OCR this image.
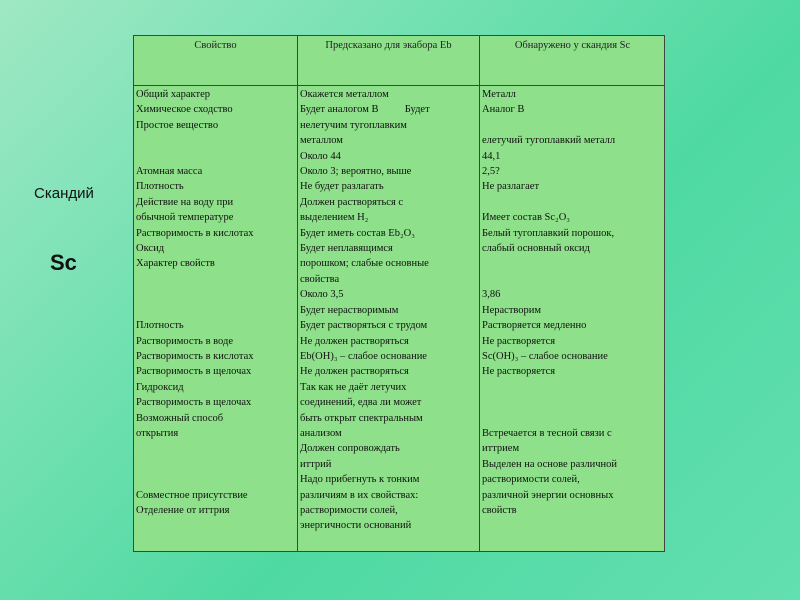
Скандий
Sc
Свойство	Предсказано для экабора Eb	Обнаружено у скандия Sc
Общий характер
Химическое сходство
Простое вещество

Атомная масса
Плотность
Действие на воду при
обычной температуре
Растворимость в кислотах
Оксид
Характер свойств

Плотность
Растворимость в воде
Растворимость в кислотах
Растворимость в щелочах
Гидроксид
Растворимость в щелочах
Возможный способ
открытия

Совместное присутствие
Отделение от иттрия
Окажется металлом
Будет аналогом В          Будет
нелетучим тугоплавким
металлом
Около 44
Около 3; вероятно, выше
Не будет разлагать
Должен растворяться с
выделением H₂
Будет иметь состав Eb₂O₃
Будет неплавящимся
порошком; слабые основные
свойства
Около 3,5
Будет нерастворимым
Будет растворяться с трудом
Не должен растворяться
Eb(OH)₃ – слабое основание
Не должен растворяться
Так как не даёт летучих
соединений, едва ли может
быть открыт спектральным
анализом
Должен сопровождать
иттрий
Надо прибегнуть к тонким
различиям в их свойствах:
растворимости солей,
энергичности оснований
Металл
Аналог В

елетучий тугоплавкий металл
44,1
2,5?
Не разлагает

Имеет состав Sc₂O₃
Белый тугоплавкий порошок,
слабый основный оксид

3,86
Нерастворим
Растворяется медленно
Не растворяется
Sc(OH)₃ – слабое основание
Не растворяется

Встречается в тесной связи с
иттрием
Выделен на основе различной
растворимости солей,
различной энергии основных
свойств
